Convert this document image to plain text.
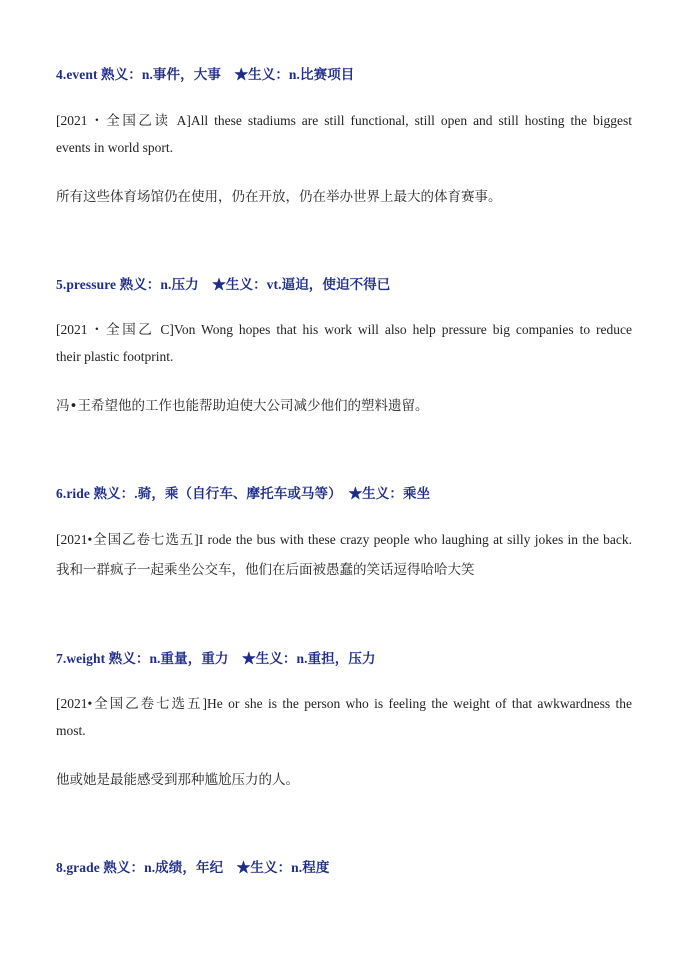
4.event 熟义：n.事件，大事　★生义：n.比赛项目

[2021・全国乙读 A]All these stadiums are still functional, still open and still hosting the biggest

events in world sport.

所有这些体育场馆仍在使用，仍在开放，仍在举办世界上最大的体育赛事。

5.pressure 熟义：n.压力　★生义：vt.逼迫，使迫不得已

[2021・全国乙 C]Von Wong hopes that his work will also help pressure big companies to reduce

their plastic footprint.

冯•王希望他的工作也能帮助迫使大公司减少他们的塑料遗留。

6.ride 熟义：.骑，乘（自行车、摩托车或马等）　★生义：乘坐

[2021•全国乙卷七选五]I rode the bus with these crazy people who laughing at silly jokes in the back.

我和一群疯子一起乘坐公交车，他们在后面被愚蠢的笑话逗得哈哈大笑

7.weight 熟义：n.重量，重力　★生义：n.重担，压力

[2021•全国乙卷七选五]He or she is the person who is feeling the weight of that awkwardness the

most.

他或她是最能感受到那种尴尬压力的人。

8.grade 熟义：n.成绩，年纪　★生义：n.程度
